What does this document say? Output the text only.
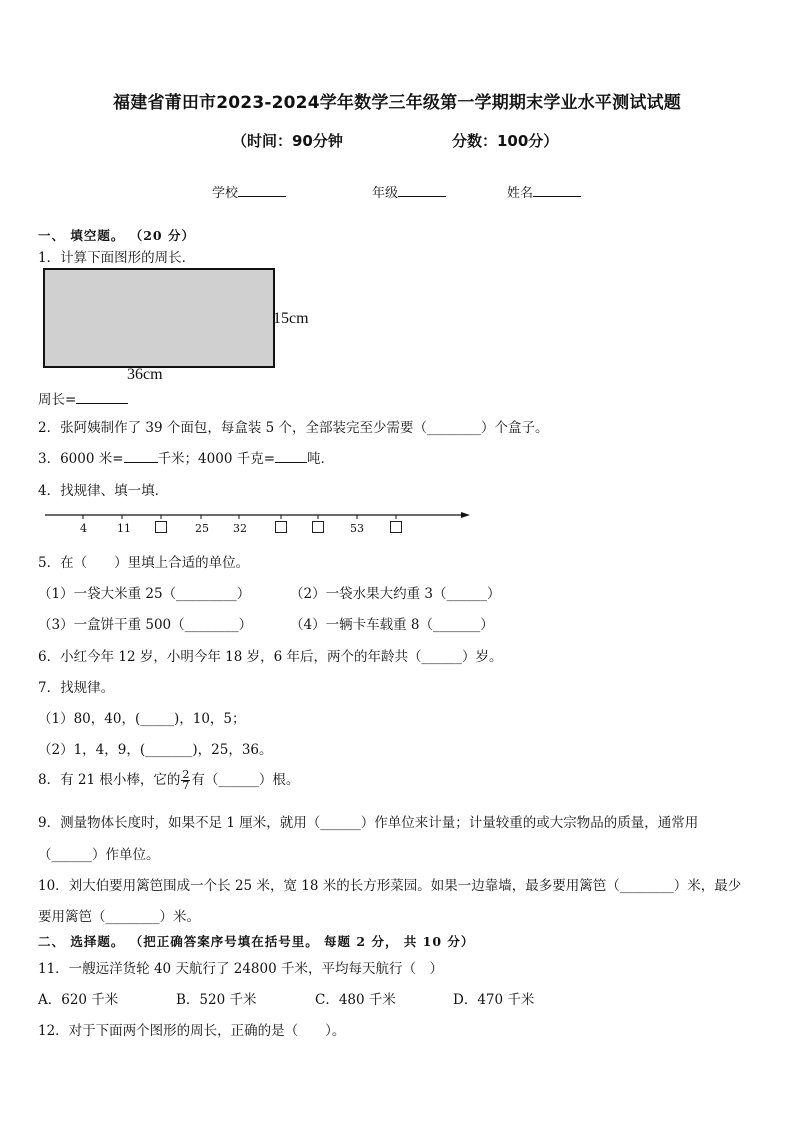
福建省莆田市2023-2024学年数学三年级第一学期期末学业水平测试试题
（时间：90分钟	分数：100分）
学校	年级	姓名
一、 填空题。 （20 分）
1．计算下面图形的周长．
15cm
36cm
周长=
2．张阿姨制作了 39 个面包，每盒装 5 个，全部装完至少需要（________）个盒子。
3．6000 米=	千米；4000 千克= 吨．
4．找规律、填一填．
4	11	25 32	53
5．在（　　）里填上合适的单位。
（1）一袋大米重 25（_________）	（2）一袋水果大约重 3（______）
（3）一盒饼干重 500（________）	（4）一辆卡车载重 8（_______）
6．小红今年 12 岁，小明今年 18 岁，6 年后，两个的年龄共（______）岁。
7．找规律。
（1）80，40，(_____)，10，5；
（2）1，4，9，(_______)，25，36。
8．有 21 根小棒，它的 $\frac{2}{7}$ 有（______）根。
9．测量物体长度时，如果不足 1 厘米，就用（______）作单位来计量；计量较重的或大宗物品的质量，通常用
（______）作单位。
10．刘大伯要用篱笆围成一个长 25 米，宽 18 米的长方形菜园。如果一边靠墙，最多要用篱笆（________）米，最少
要用篱笆（________）米。
二、 选择题。 （把正确答案序号填在括号里。 每题 2 分， 共 10 分）
11．一艘远洋货轮 40 天航行了 24800 千米，平均每天航行（　）
A．620 千米	B．520 千米	C．480 千米	D．470 千米
12．对于下面两个图形的周长，正确的是（　　）。
